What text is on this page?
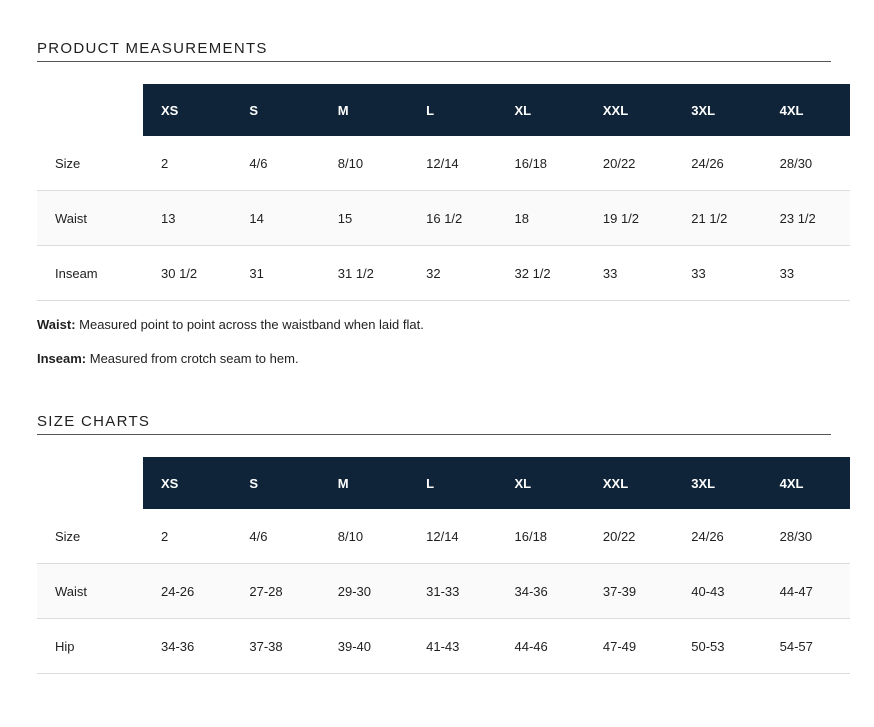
PRODUCT MEASUREMENTS
	XS	S	M	L	XL	XXL	3XL	4XL
Size	2	4/6	8/10	12/14	16/18	20/22	24/26	28/30
Waist	13	14	15	16 1/2	18	19 1/2	21 1/2	23 1/2
Inseam	30 1/2	31	31 1/2	32	32 1/2	33	33	33

Waist: Measured point to point across the waistband when laid flat.

Inseam: Measured from crotch seam to hem.

SIZE CHARTS
	XS	S	M	L	XL	XXL	3XL	4XL
Size	2	4/6	8/10	12/14	16/18	20/22	24/26	28/30
Waist	24-26	27-28	29-30	31-33	34-36	37-39	40-43	44-47
Hip	34-36	37-38	39-40	41-43	44-46	47-49	50-53	54-57
